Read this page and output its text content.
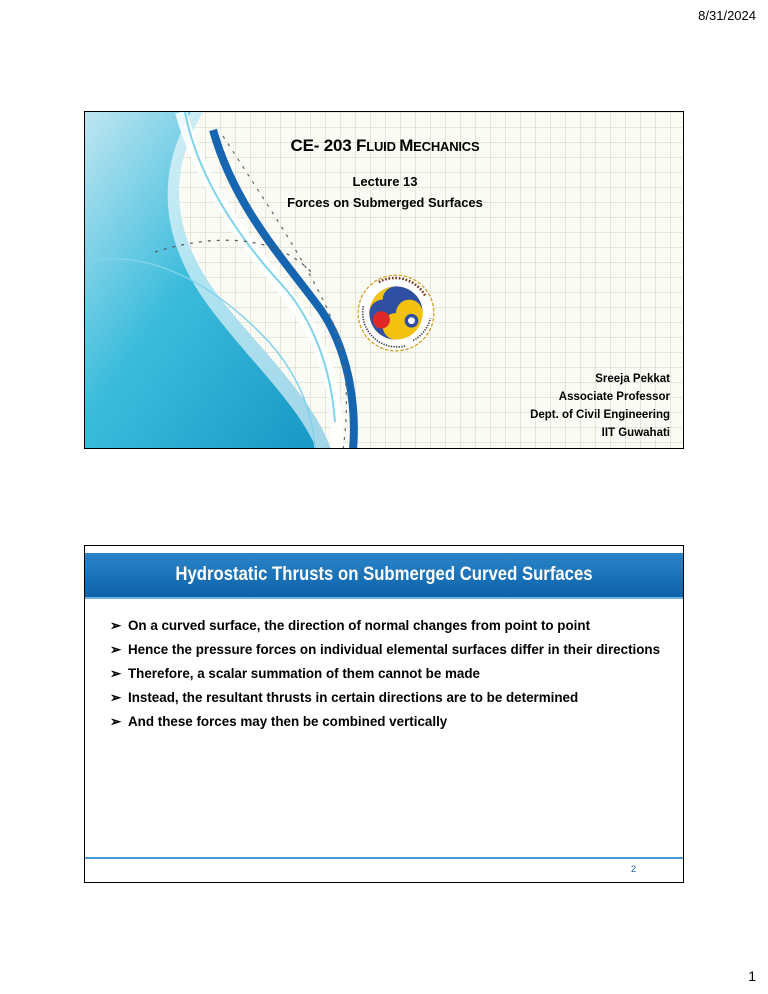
8/31/2024
CE- 203 FLUID MECHANICS
Lecture 13
Forces on Submerged Surfaces
Sreeja Pekkat
Associate Professor
Dept. of Civil Engineering
IIT Guwahati
Hydrostatic Thrusts on Submerged Curved Surfaces
➢ On a curved surface, the direction of normal changes from point to point
➢ Hence the pressure forces on individual elemental surfaces differ in their directions
➢ Therefore, a scalar summation of them cannot be made
➢ Instead, the resultant thrusts in certain directions are to be determined
➢ And these forces may then be combined vertically
2
1
